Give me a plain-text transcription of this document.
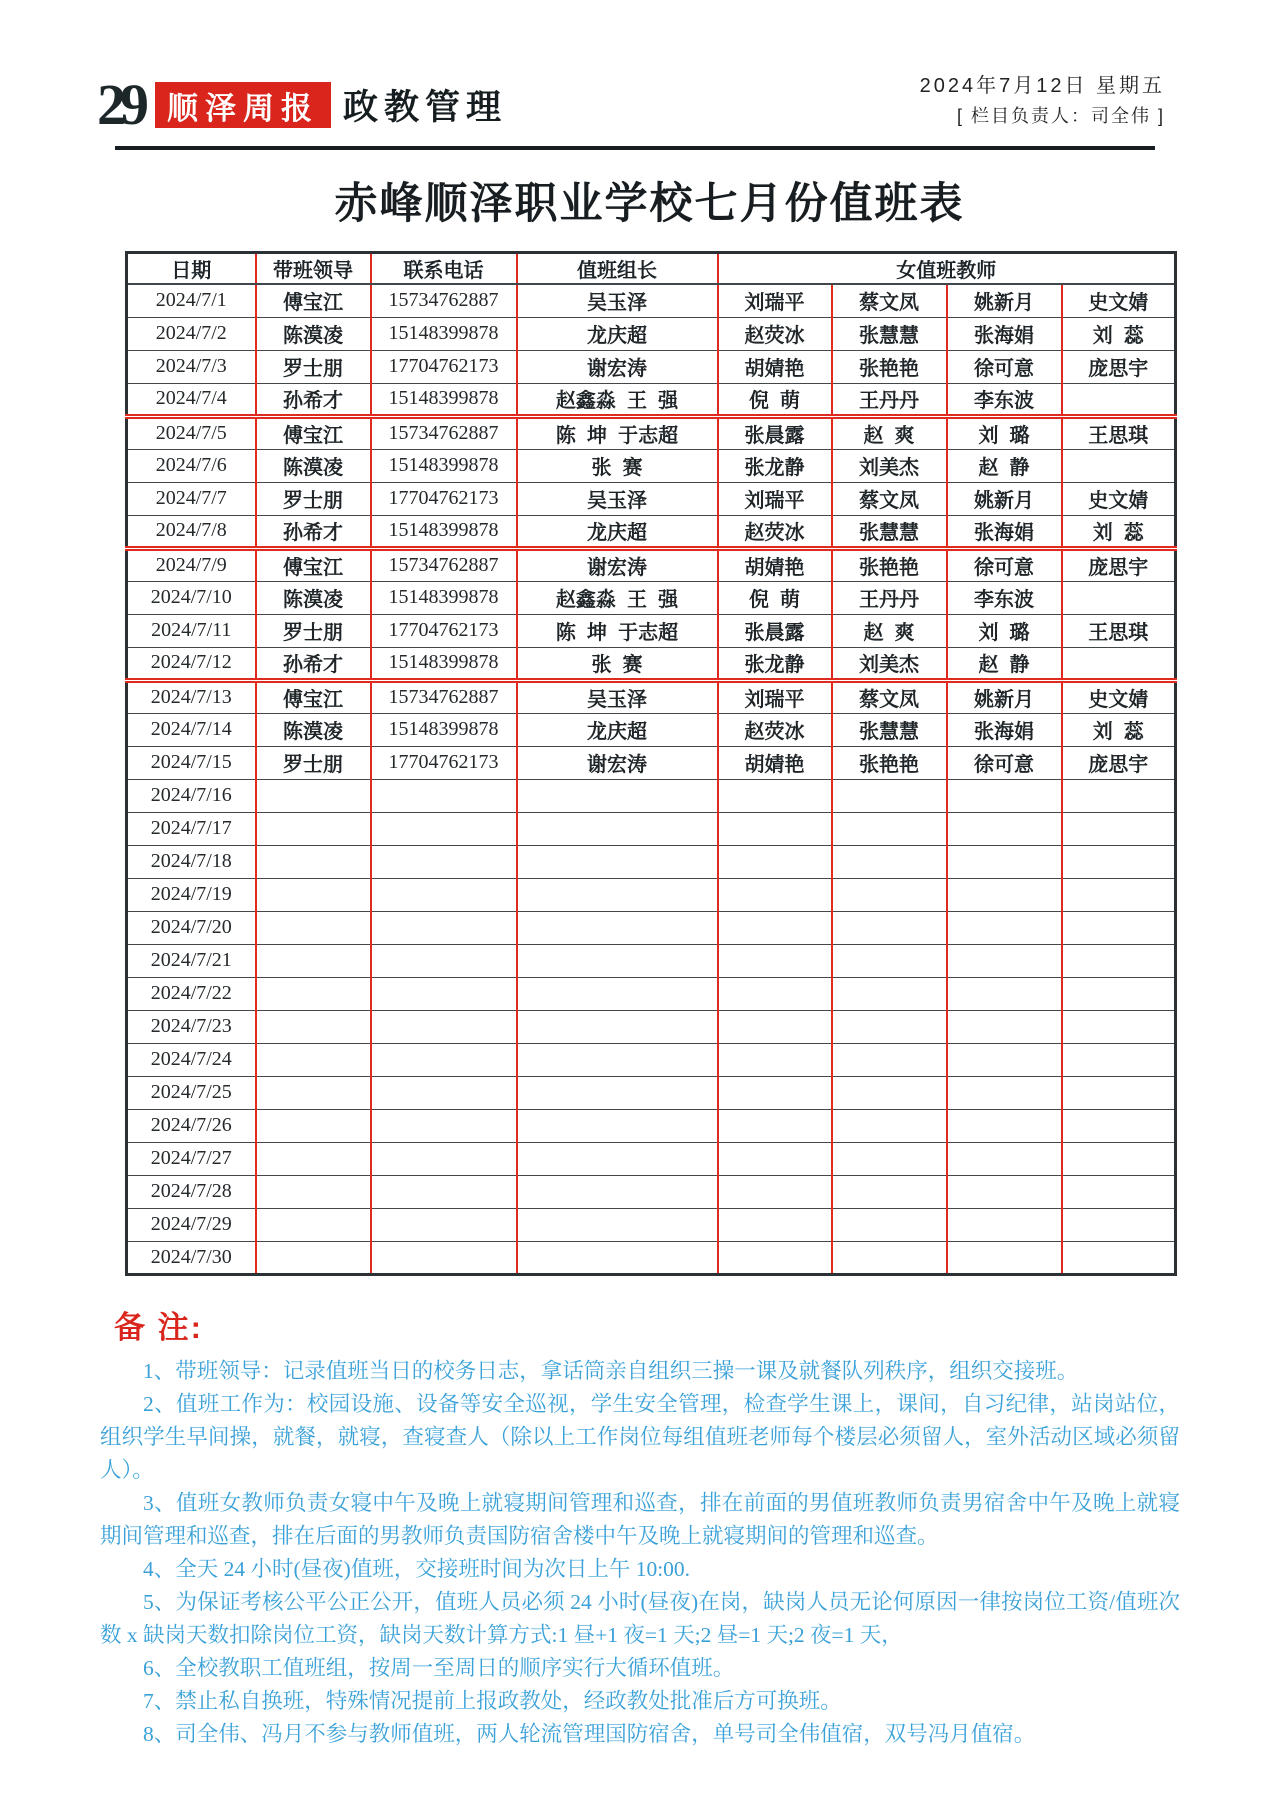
29 顺泽周报 政教管理
2024年7月12日 星期五
[ 栏目负责人：司全伟 ]
赤峰顺泽职业学校七月份值班表
日期	带班领导	联系电话	值班组长	女值班教师			
2024/7/1	傅宝江	15734762887	吴玉泽	刘瑞平	蔡文凤	姚新月	史文婧
2024/7/2	陈漠凌	15148399878	龙庆超	赵荧冰	张慧慧	张海娟	刘  蕊
2024/7/3	罗士朋	17704762173	谢宏涛	胡婧艳	张艳艳	徐可意	庞思宇
2024/7/4	孙希才	15148399878	赵鑫淼  王  强	倪  萌	王丹丹	李东波	
2024/7/5	傅宝江	15734762887	陈  坤  于志超	张晨露	赵  爽	刘  璐	王思琪
2024/7/6	陈漠凌	15148399878	张  赛	张龙静	刘美杰	赵  静	
2024/7/7	罗士朋	17704762173	吴玉泽	刘瑞平	蔡文凤	姚新月	史文婧
2024/7/8	孙希才	15148399878	龙庆超	赵荧冰	张慧慧	张海娟	刘  蕊
2024/7/9	傅宝江	15734762887	谢宏涛	胡婧艳	张艳艳	徐可意	庞思宇
2024/7/10	陈漠凌	15148399878	赵鑫淼  王  强	倪  萌	王丹丹	李东波	
2024/7/11	罗士朋	17704762173	陈  坤  于志超	张晨露	赵  爽	刘  璐	王思琪
2024/7/12	孙希才	15148399878	张  赛	张龙静	刘美杰	赵  静	
2024/7/13	傅宝江	15734762887	吴玉泽	刘瑞平	蔡文凤	姚新月	史文婧
2024/7/14	陈漠凌	15148399878	龙庆超	赵荧冰	张慧慧	张海娟	刘  蕊
2024/7/15	罗士朋	17704762173	谢宏涛	胡婧艳	张艳艳	徐可意	庞思宇
2024/7/16							
2024/7/17							
2024/7/18							
2024/7/19							
2024/7/20							
2024/7/21							
2024/7/22							
2024/7/23							
2024/7/24							
2024/7/25							
2024/7/26							
2024/7/27							
2024/7/28							
2024/7/29							
2024/7/30							
备 注:

1、带班领导：记录值班当日的校务日志，拿话筒亲自组织三操一课及就餐队列秩序，组织交接班。

2、值班工作为：校园设施、设备等安全巡视，学生安全管理，检查学生课上，课间，自习纪律，站岗站位，组织学生早间操，就餐，就寝，查寝查人（除以上工作岗位每组值班老师每个楼层必须留人，室外活动区域必须留人）。

3、值班女教师负责女寝中午及晚上就寝期间管理和巡查，排在前面的男值班教师负责男宿舍中午及晚上就寝期间管理和巡查，排在后面的男教师负责国防宿舍楼中午及晚上就寝期间的管理和巡查。

4、全天 24 小时(昼夜)值班，交接班时间为次日上午 10:00.

5、为保证考核公平公正公开，值班人员必须 24 小时(昼夜)在岗，缺岗人员无论何原因一律按岗位工资/值班次数 x 缺岗天数扣除岗位工资，缺岗天数计算方式:1 昼+1 夜=1 天;2 昼=1 天;2 夜=1 天，

6、全校教职工值班组，按周一至周日的顺序实行大循环值班。

7、禁止私自换班，特殊情况提前上报政教处，经政教处批准后方可换班。

8、司全伟、冯月不参与教师值班，两人轮流管理国防宿舍，单号司全伟值宿，双号冯月值宿。
